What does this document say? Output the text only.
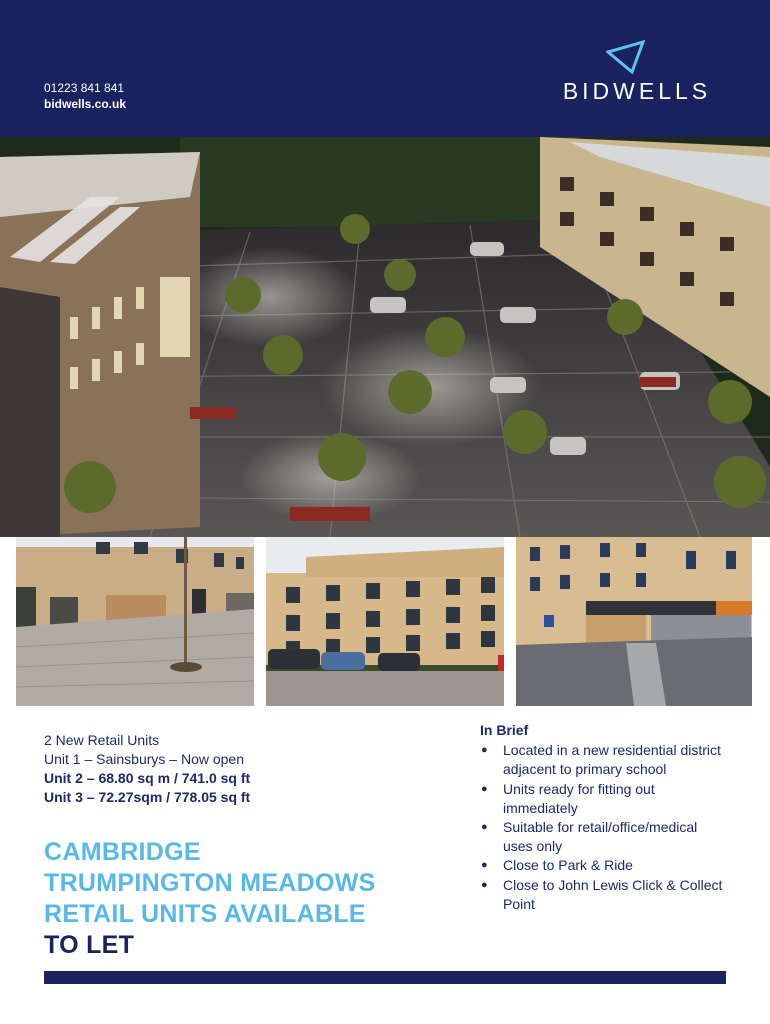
01223 841 841
bidwells.co.uk	BIDWELLS
2 New Retail Units
Unit 1 – Sainsburys – Now open
Unit 2 – 68.80 sq m / 741.0 sq ft
Unit 3 – 72.27sqm / 778.05 sq ft
CAMBRIDGE
TRUMPINGTON MEADOWS
RETAIL UNITS AVAILABLE
TO LET
In Brief
● Located in a new residential district adjacent to primary school
● Units ready for fitting out immediately
● Suitable for retail/office/medical uses only
● Close to Park & Ride
● Close to John Lewis Click & Collect Point
